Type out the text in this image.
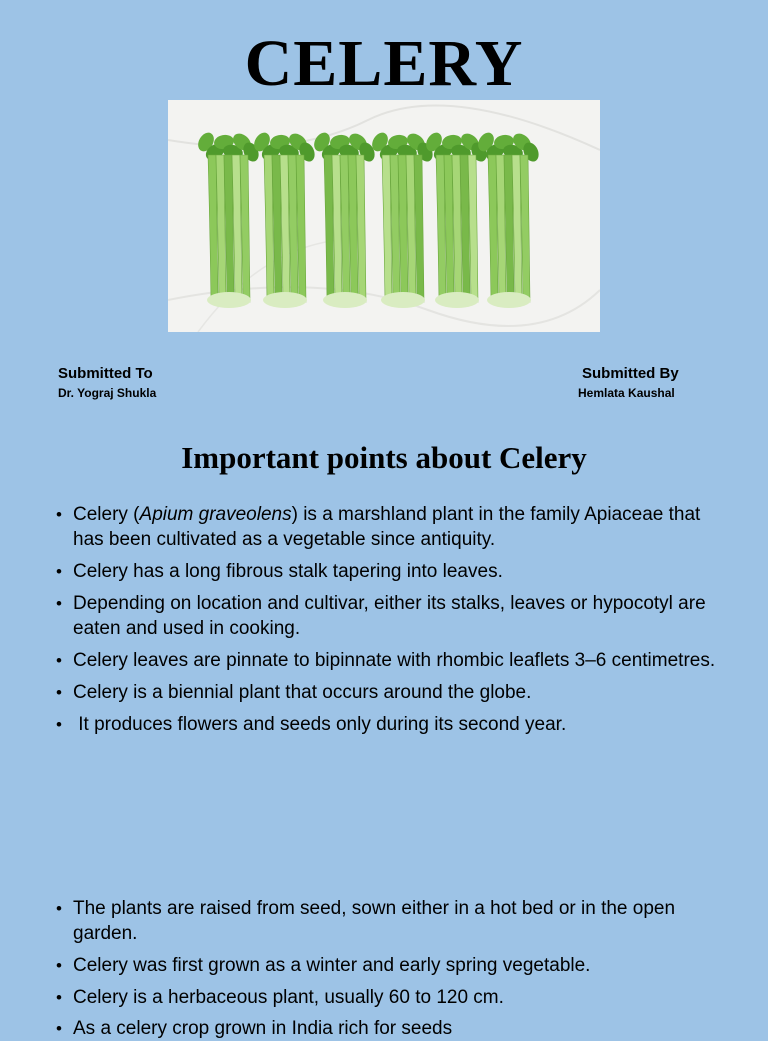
CELERY
Submitted To
Dr. Yograj Shukla
Submitted By
Hemlata Kaushal
Important points about Celery
• Celery (Apium graveolens) is a marshland plant in the family Apiaceae that has been cultivated as a vegetable since antiquity.
• Celery has a long fibrous stalk tapering into leaves.
• Depending on location and cultivar, either its stalks, leaves or hypocotyl are eaten and used in cooking.
• Celery leaves are pinnate to bipinnate with rhombic leaflets 3–6 centimetres.
• Celery is a biennial plant that occurs around the globe.
•  It produces flowers and seeds only during its second year.
• The plants are raised from seed, sown either in a hot bed or in the open garden.
• Celery was first grown as a winter and early spring vegetable.
• Celery is a herbaceous plant, usually 60 to 120 cm.
• As a celery crop grown in India rich for seeds
